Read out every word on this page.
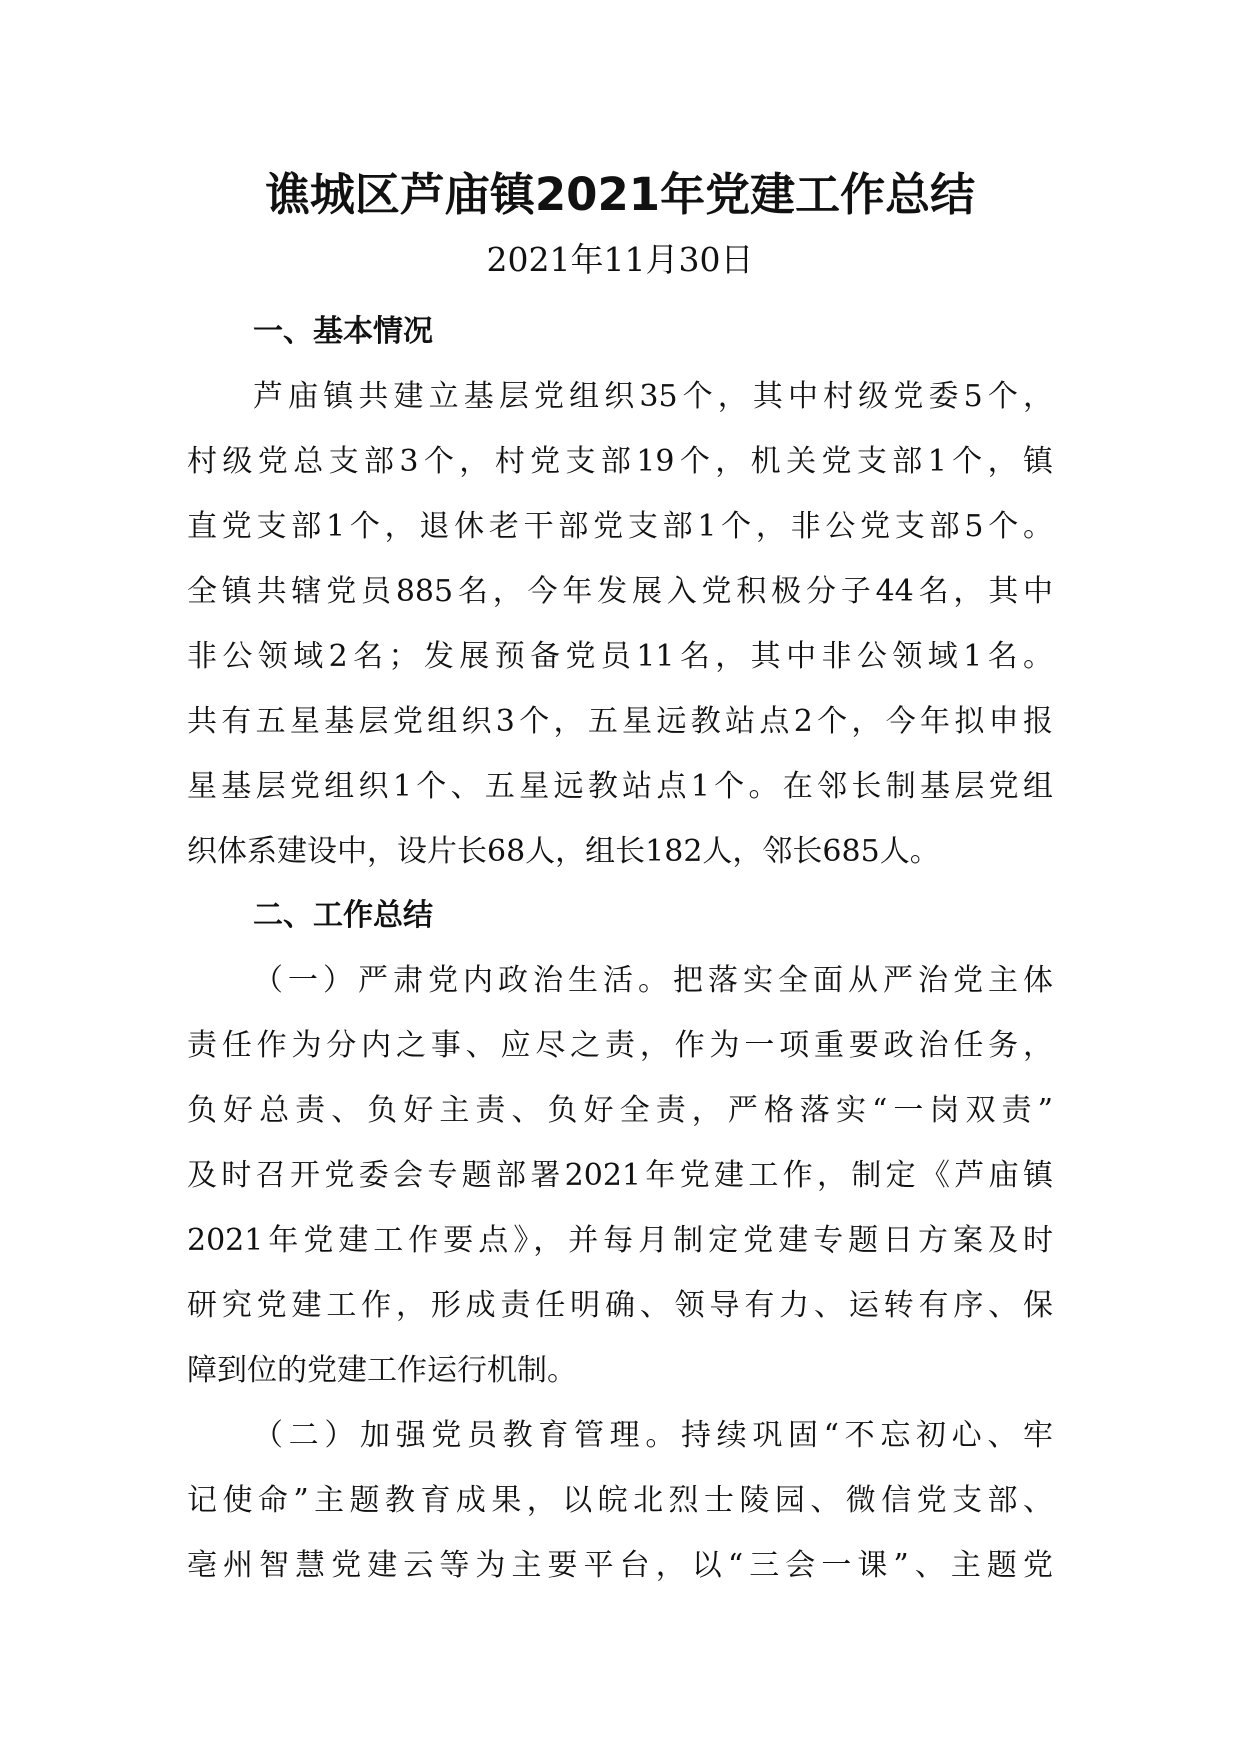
谯城区芦庙镇2021年党建工作总结
2021年11月30日
一、基本情况
芦庙镇共建立基层党组织35个，其中村级党委5个，
村级党总支部3个，村党支部19个，机关党支部1个，镇
直党支部1个，退休老干部党支部1个，非公党支部5个。
全镇共辖党员885名，今年发展入党积极分子44名，其中
非公领域2名；发展预备党员11名，其中非公领域1名。
共有五星基层党组织3个，五星远教站点2个，今年拟申报
星基层党组织1个、五星远教站点1个。在邻长制基层党组
织体系建设中，设片长68人，组长182人，邻长685人。
二、工作总结
（一）严肃党内政治生活。把落实全面从严治党主体
责任作为分内之事、应尽之责，作为一项重要政治任务，
负好总责、负好主责、负好全责，严格落实“一岗双责”
及时召开党委会专题部署2021年党建工作，制定《芦庙镇
2021年党建工作要点》，并每月制定党建专题日方案及时
研究党建工作，形成责任明确、领导有力、运转有序、保
障到位的党建工作运行机制。
（二）加强党员教育管理。持续巩固“不忘初心、牢
记使命”主题教育成果，以皖北烈士陵园、微信党支部、
亳州智慧党建云等为主要平台，以“三会一课”、主题党
